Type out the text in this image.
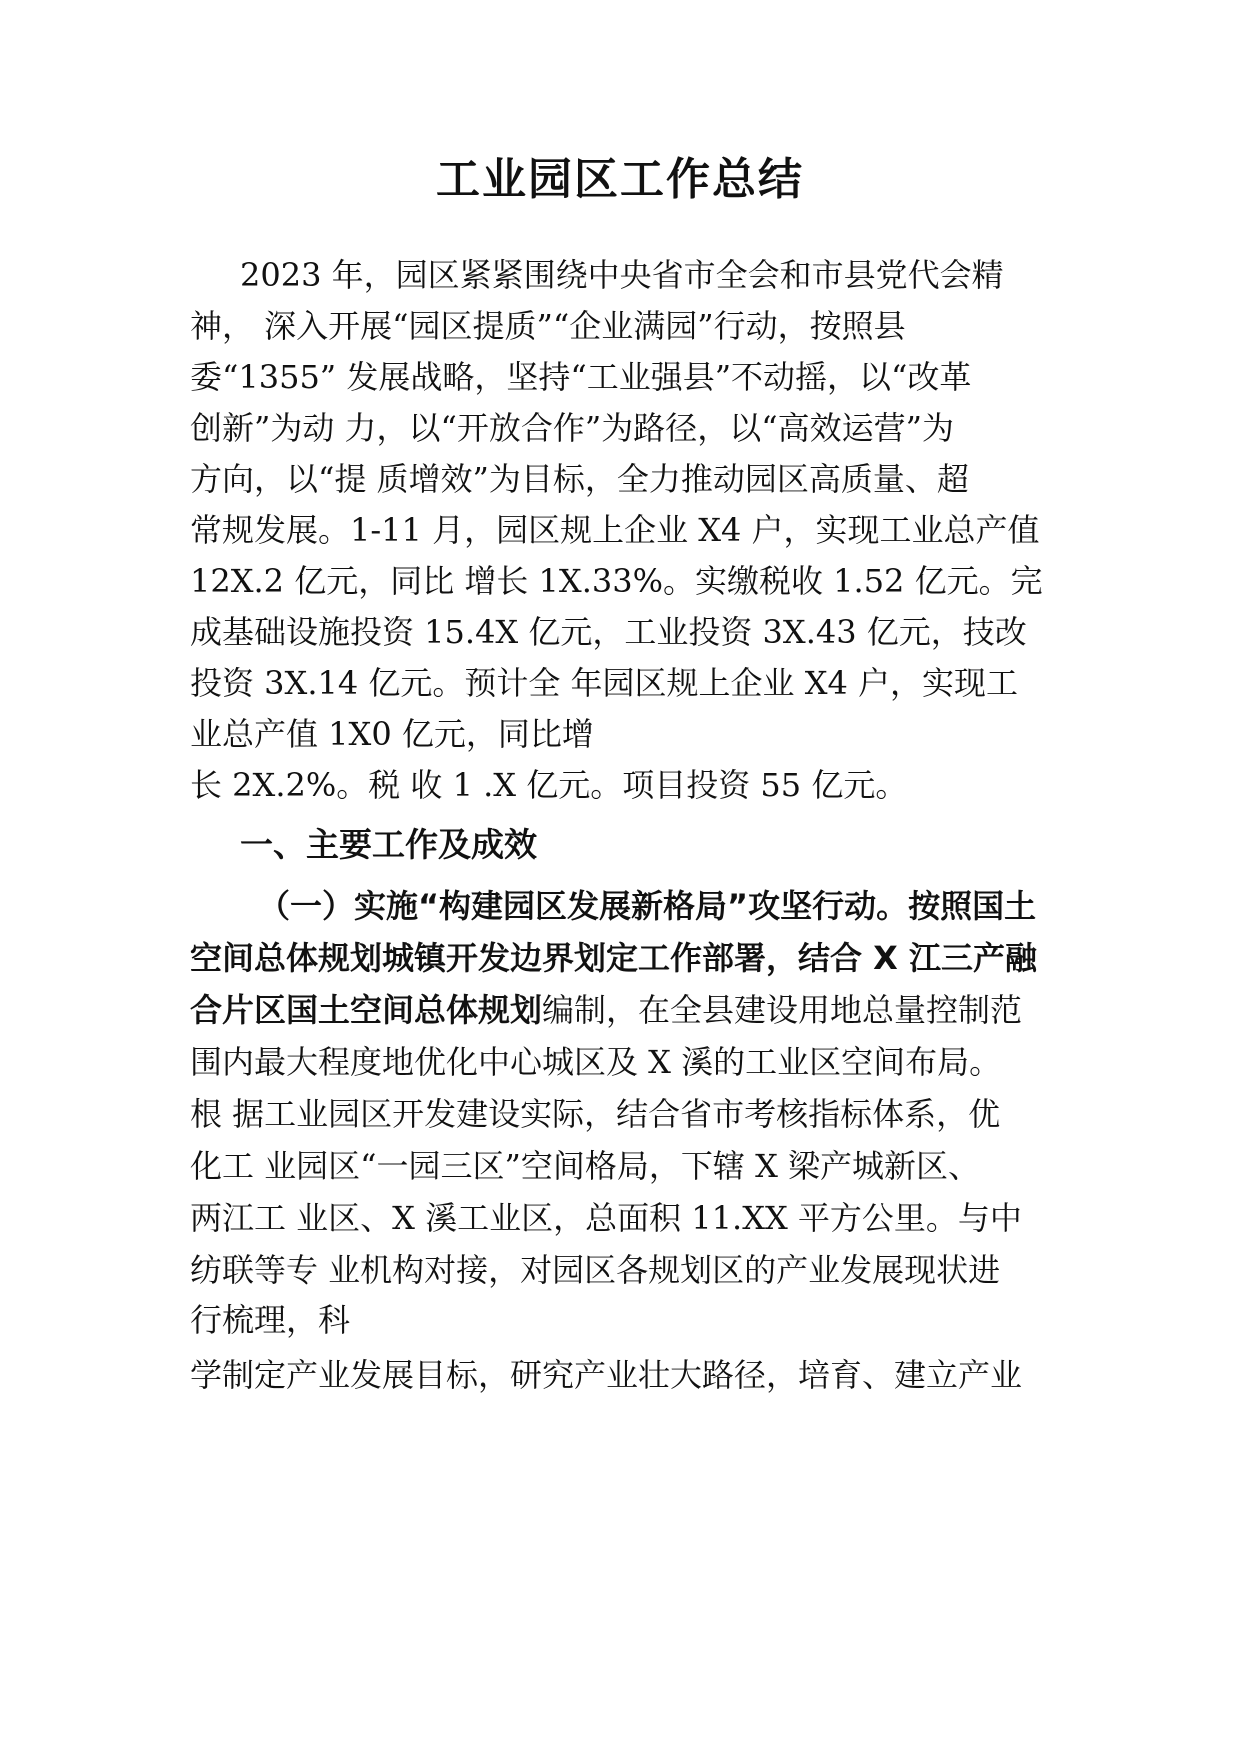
工业园区工作总结

2023 年，园区紧紧围绕中央省市全会和市县党代会精

神， 深入开展“园区提质”“企业满园”行动，按照县

委“1355” 发展战略，坚持“工业强县”不动摇，以“改革

创新”为动 力，以“开放合作”为路径，以“高效运营”为

方向，以“提 质增效”为目标，全力推动园区高质量、超

常规发展。1-11 月，园区规上企业 X4 户，实现工业总产值

12X.2 亿元，同比 增长 1X.33%。实缴税收 1.52 亿元。完

成基础设施投资 15.4X 亿元，工业投资 3X.43 亿元，技改

投资 3X.14 亿元。预计全 年园区规上企业 X4 户，实现工

业总产值 1X0 亿元，同比增

长 2X.2%。税 收 1 .X 亿元。项目投资 55 亿元。

一、主要工作及成效

（一）实施“构建园区发展新格局”攻坚行动。按照国土

空间总体规划城镇开发边界划定工作部署，结合 X 江三产融

合片区国土空间总体规划编制，在全县建设用地总量控制范

围内最大程度地优化中心城区及 X 溪的工业区空间布局。

根 据工业园区开发建设实际，结合省市考核指标体系，优

化工 业园区“一园三区”空间格局，下辖 X 梁产城新区、

两江工 业区、X 溪工业区，总面积 11.XX 平方公里。与中

纺联等专 业机构对接，对园区各规划区的产业发展现状进

行梳理，科

学制定产业发展目标，研究产业壮大路径，培育、建立产业
